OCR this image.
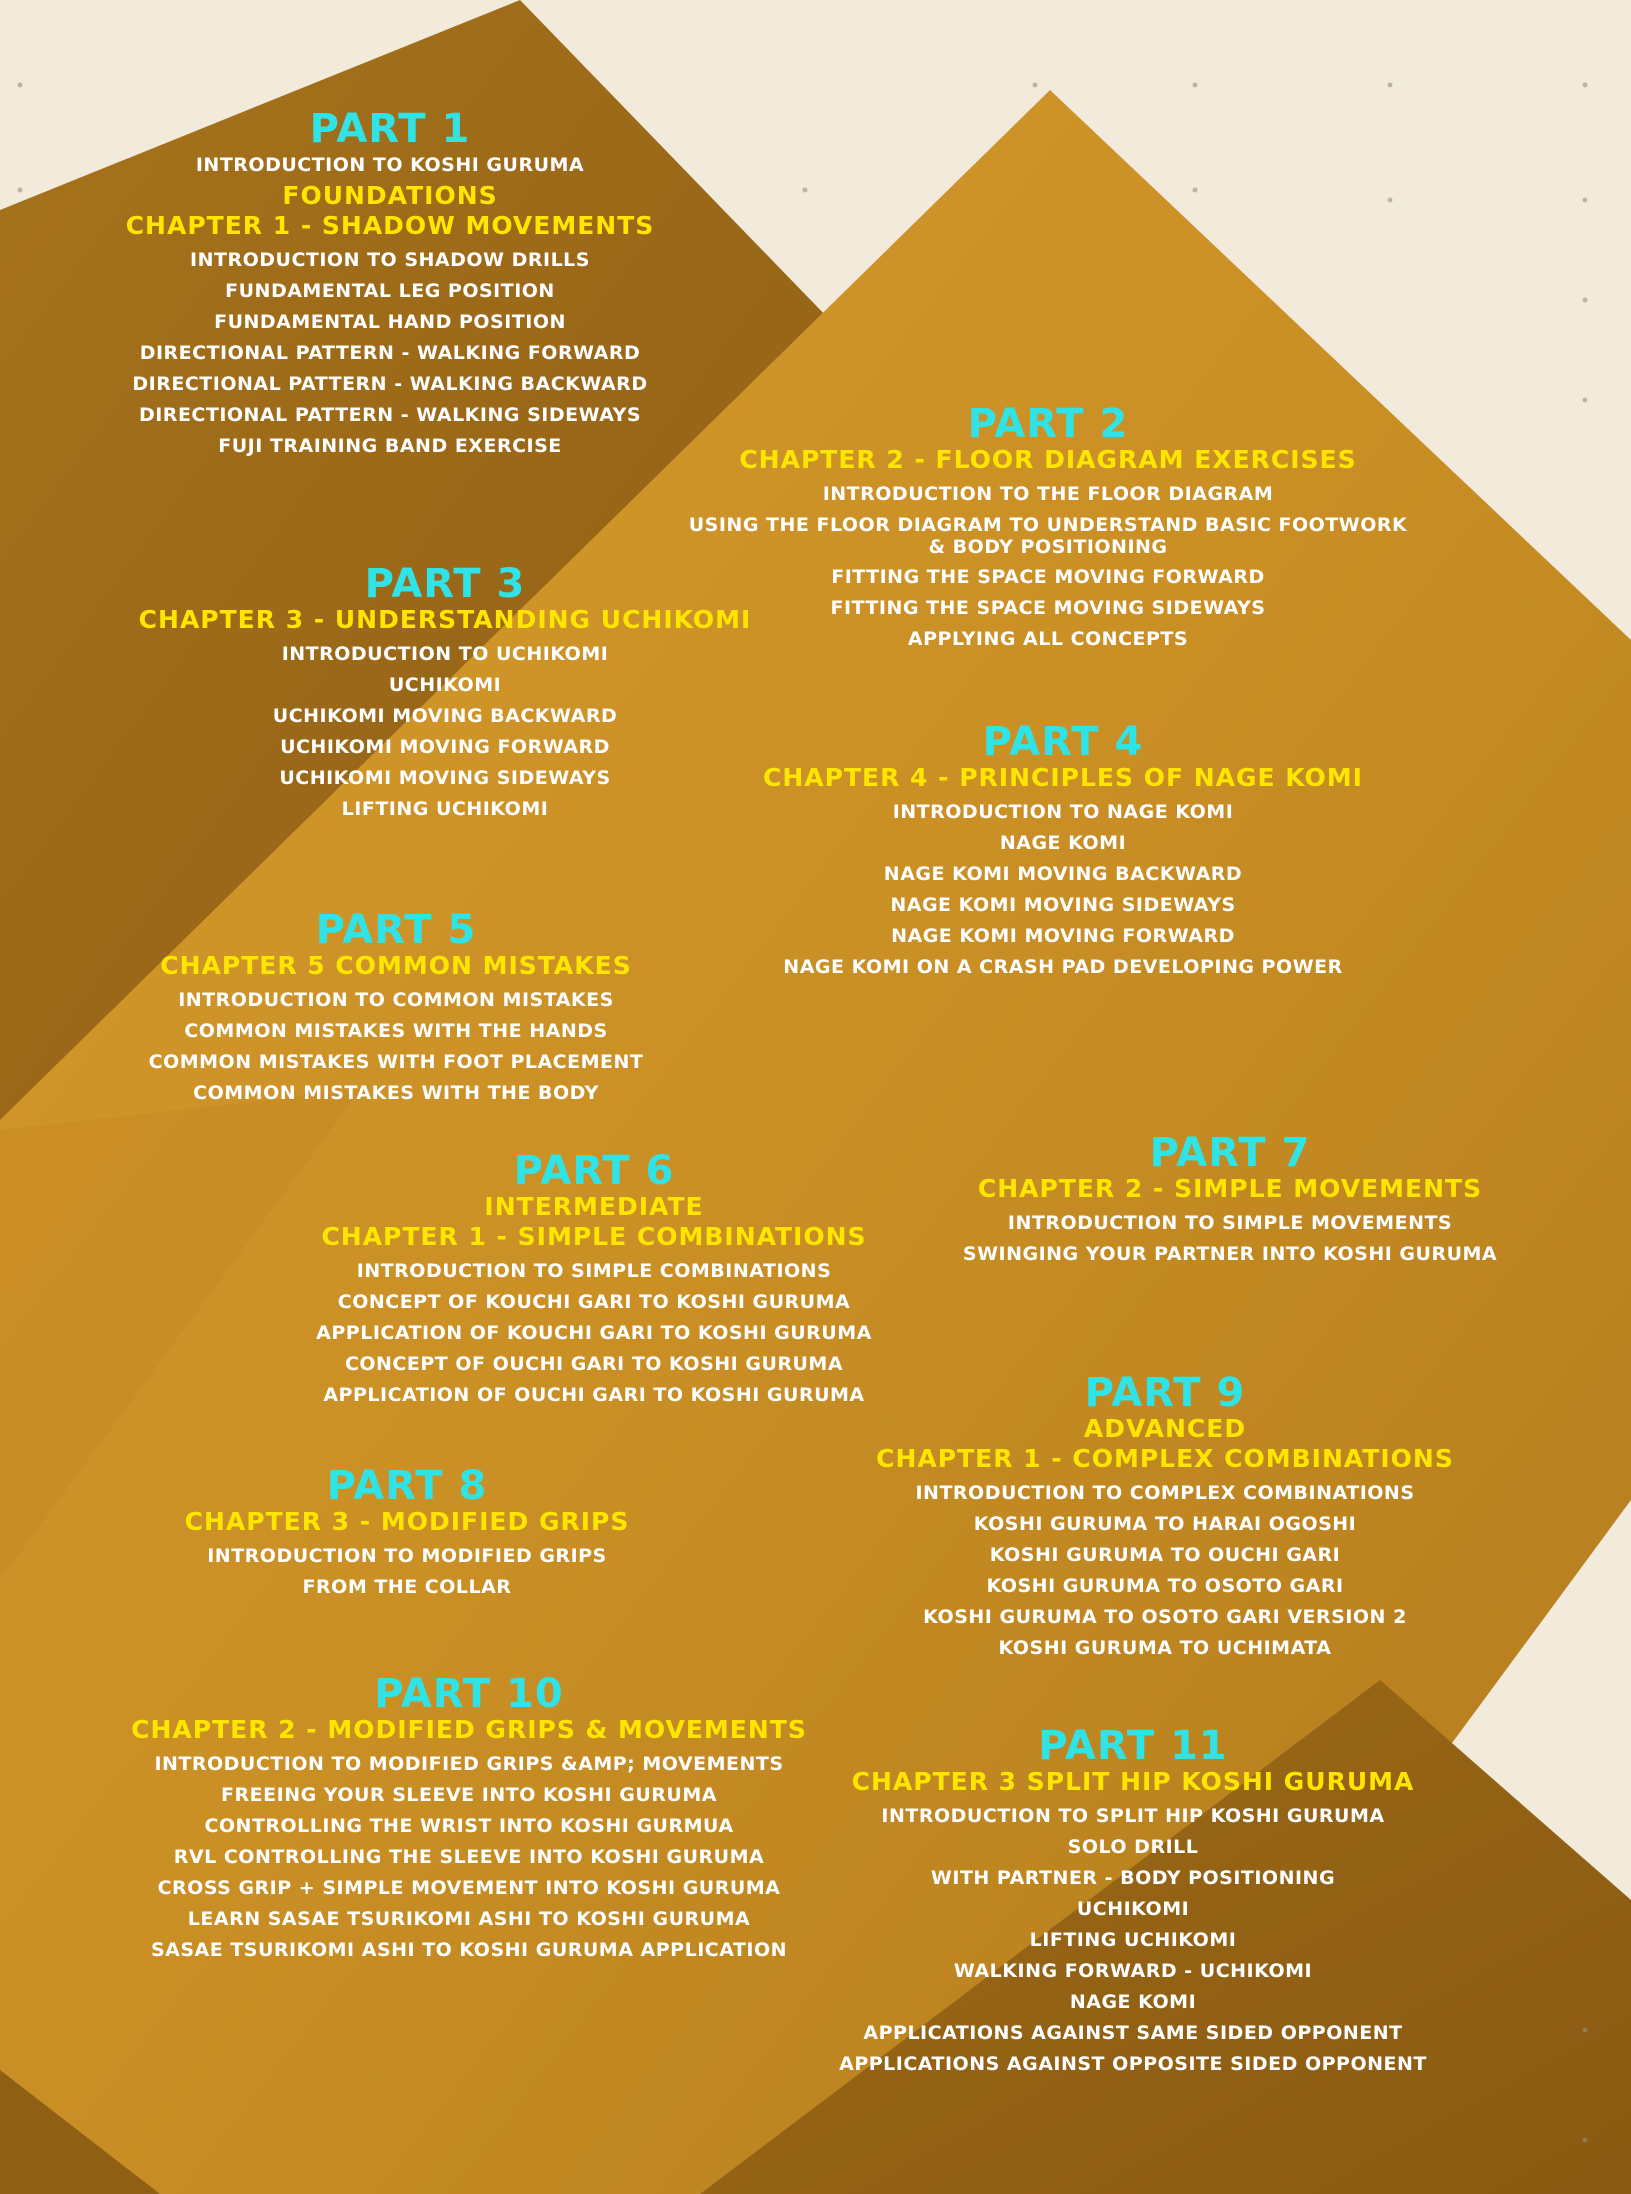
PART 1
INTRODUCTION TO KOSHI GURUMA
FOUNDATIONS
CHAPTER 1 - SHADOW MOVEMENTS
INTRODUCTION TO SHADOW DRILLS
FUNDAMENTAL LEG POSITION
FUNDAMENTAL HAND POSITION
DIRECTIONAL PATTERN - WALKING FORWARD
DIRECTIONAL PATTERN - WALKING BACKWARD
DIRECTIONAL PATTERN - WALKING SIDEWAYS
FUJI TRAINING BAND EXERCISE	PART 2
CHAPTER 2 - FLOOR DIAGRAM EXERCISES
INTRODUCTION TO THE FLOOR DIAGRAM
USING THE FLOOR DIAGRAM TO UNDERSTAND BASIC FOOTWORK
& BODY POSITIONING
FITTING THE SPACE MOVING FORWARD
FITTING THE SPACE MOVING SIDEWAYS
APPLYING ALL CONCEPTS
PART 3
CHAPTER 3 - UNDERSTANDING UCHIKOMI
INTRODUCTION TO UCHIKOMI
UCHIKOMI
UCHIKOMI MOVING BACKWARD
UCHIKOMI MOVING FORWARD
UCHIKOMI MOVING SIDEWAYS
LIFTING UCHIKOMI
PART 4
CHAPTER 4 - PRINCIPLES OF NAGE KOMI
INTRODUCTION TO NAGE KOMI
NAGE KOMI
NAGE KOMI MOVING BACKWARD
NAGE KOMI MOVING SIDEWAYS
NAGE KOMI MOVING FORWARD
NAGE KOMI ON A CRASH PAD DEVELOPING POWER
PART 5
CHAPTER 5 COMMON MISTAKES
INTRODUCTION TO COMMON MISTAKES
COMMON MISTAKES WITH THE HANDS
COMMON MISTAKES WITH FOOT PLACEMENT
COMMON MISTAKES WITH THE BODY
PART 6
INTERMEDIATE
CHAPTER 1 - SIMPLE COMBINATIONS
INTRODUCTION TO SIMPLE COMBINATIONS
CONCEPT OF KOUCHI GARI TO KOSHI GURUMA
APPLICATION OF KOUCHI GARI TO KOSHI GURUMA
CONCEPT OF OUCHI GARI TO KOSHI GURUMA
APPLICATION OF OUCHI GARI TO KOSHI GURUMA
PART 7
CHAPTER 2 - SIMPLE MOVEMENTS
INTRODUCTION TO SIMPLE MOVEMENTS
SWINGING YOUR PARTNER INTO KOSHI GURUMA
PART 8
CHAPTER 3 - MODIFIED GRIPS
INTRODUCTION TO MODIFIED GRIPS
FROM THE COLLAR
PART 9
ADVANCED
CHAPTER 1 - COMPLEX COMBINATIONS
INTRODUCTION TO COMPLEX COMBINATIONS
KOSHI GURUMA TO HARAI OGOSHI
KOSHI GURUMA TO OUCHI GARI
KOSHI GURUMA TO OSOTO GARI
KOSHI GURUMA TO OSOTO GARI VERSION 2
KOSHI GURUMA TO UCHIMATA
PART 10
CHAPTER 2 - MODIFIED GRIPS & MOVEMENTS
INTRODUCTION TO MODIFIED GRIPS &AMP; MOVEMENTS
FREEING YOUR SLEEVE INTO KOSHI GURUMA
CONTROLLING THE WRIST INTO KOSHI GURMUA
RVL CONTROLLING THE SLEEVE INTO KOSHI GURUMA
CROSS GRIP + SIMPLE MOVEMENT INTO KOSHI GURUMA
LEARN SASAE TSURIKOMI ASHI TO KOSHI GURUMA
SASAE TSURIKOMI ASHI TO KOSHI GURUMA APPLICATION
PART 11
CHAPTER 3 SPLIT HIP KOSHI GURUMA
INTRODUCTION TO SPLIT HIP KOSHI GURUMA
SOLO DRILL
WITH PARTNER - BODY POSITIONING
UCHIKOMI
LIFTING UCHIKOMI
WALKING FORWARD - UCHIKOMI
NAGE KOMI
APPLICATIONS AGAINST SAME SIDED OPPONENT
APPLICATIONS AGAINST OPPOSITE SIDED OPPONENT
